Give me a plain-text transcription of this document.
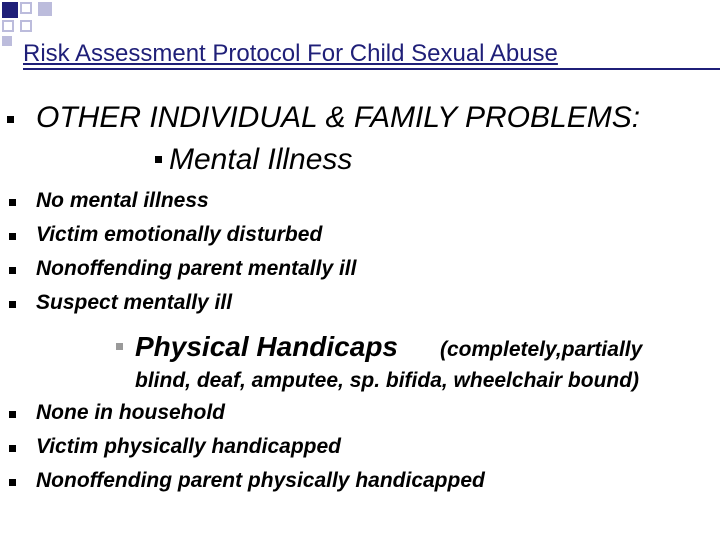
Risk Assessment Protocol For Child Sexual Abuse
OTHER INDIVIDUAL & FAMILY PROBLEMS:
Mental Illness
No mental illness
Victim emotionally disturbed
Nonoffending parent mentally ill
Suspect mentally ill
Physical Handicaps (completely,partially
blind, deaf, amputee, sp. bifida, wheelchair bound)
None in household
Victim physically handicapped
Nonoffending parent physically handicapped
